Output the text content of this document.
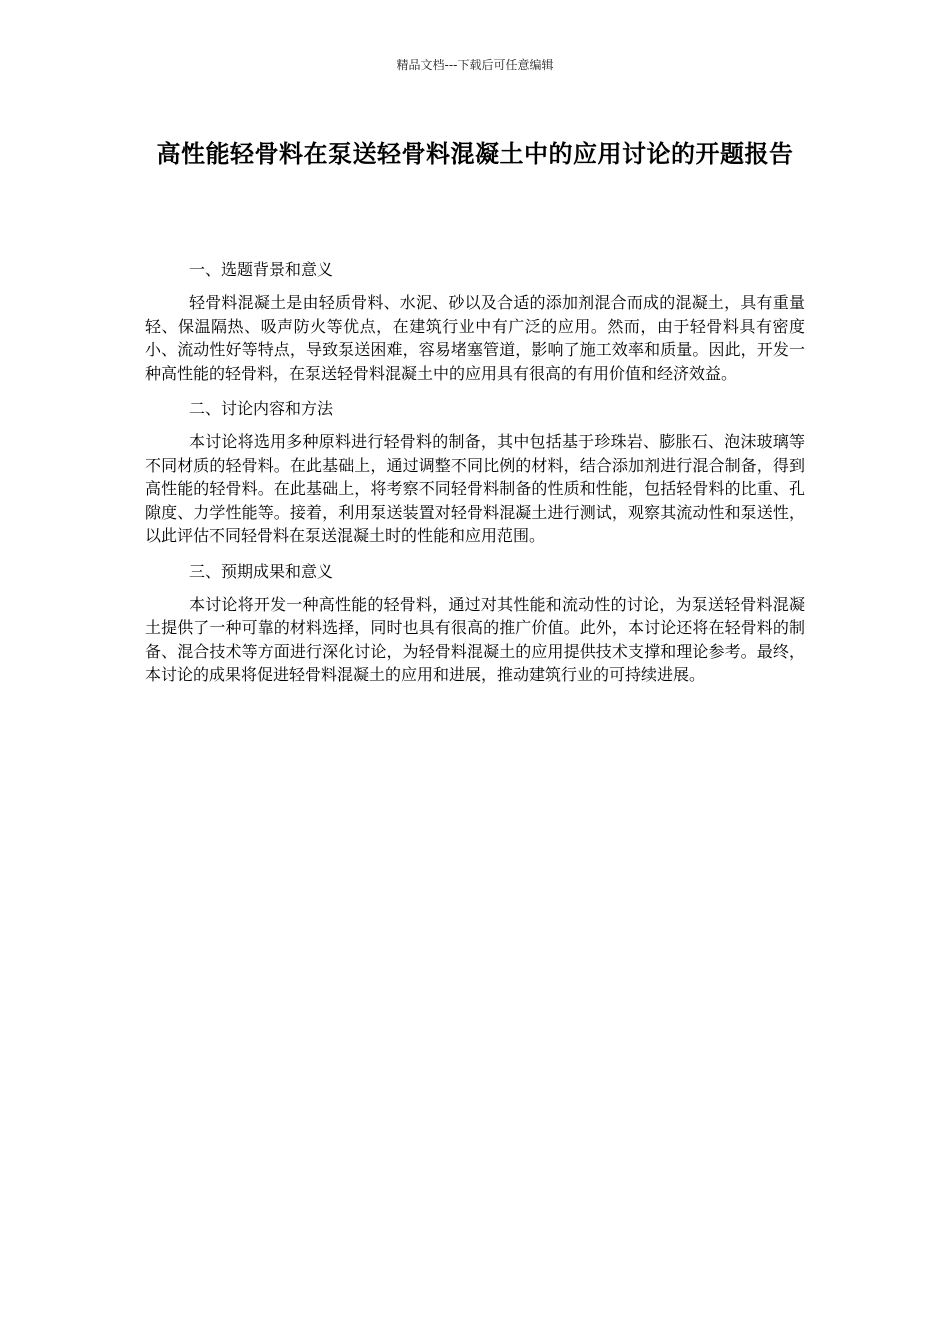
精品文档---下载后可任意编辑
高性能轻骨料在泵送轻骨料混凝土中的应用讨论的开题报告

一、选题背景和意义

轻骨料混凝土是由轻质骨料、水泥、砂以及合适的添加剂混合而成的混凝土，具有重量轻、保温隔热、吸声防火等优点，在建筑行业中有广泛的应用。然而，由于轻骨料具有密度小、流动性好等特点，导致泵送困难，容易堵塞管道，影响了施工效率和质量。因此，开发一种高性能的轻骨料，在泵送轻骨料混凝土中的应用具有很高的有用价值和经济效益。

二、讨论内容和方法

本讨论将选用多种原料进行轻骨料的制备，其中包括基于珍珠岩、膨胀石、泡沫玻璃等不同材质的轻骨料。在此基础上，通过调整不同比例的材料，结合添加剂进行混合制备，得到高性能的轻骨料。在此基础上，将考察不同轻骨料制备的性质和性能，包括轻骨料的比重、孔隙度、力学性能等。接着，利用泵送装置对轻骨料混凝土进行测试，观察其流动性和泵送性，以此评估不同轻骨料在泵送混凝土时的性能和应用范围。

三、预期成果和意义

本讨论将开发一种高性能的轻骨料，通过对其性能和流动性的讨论，为泵送轻骨料混凝土提供了一种可靠的材料选择，同时也具有很高的推广价值。此外，本讨论还将在轻骨料的制备、混合技术等方面进行深化讨论，为轻骨料混凝土的应用提供技术支撑和理论参考。最终，本讨论的成果将促进轻骨料混凝土的应用和进展，推动建筑行业的可持续进展。
